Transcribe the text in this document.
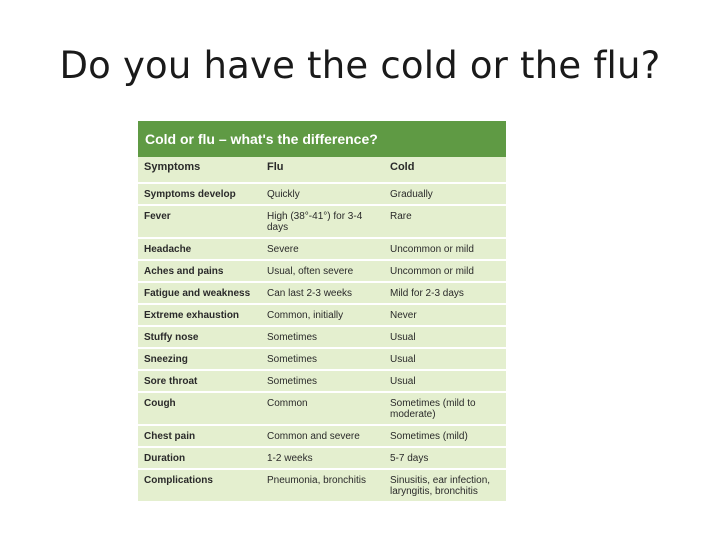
Do you have the cold or the flu?
Cold or flu – what's the difference?
Symptoms	Flu	Cold
Symptoms develop	Quickly	Gradually
Fever	High (38°-41°) for 3-4 days	Rare
Headache	Severe	Uncommon or mild
Aches and pains	Usual, often severe	Uncommon or mild
Fatigue and weakness	Can last 2-3 weeks	Mild for 2-3 days
Extreme exhaustion	Common, initially	Never
Stuffy nose	Sometimes	Usual
Sneezing	Sometimes	Usual
Sore throat	Sometimes	Usual
Cough	Common	Sometimes (mild to moderate)
Chest pain	Common and severe	Sometimes (mild)
Duration	1-2 weeks	5-7 days
Complications	Pneumonia, bronchitis	Sinusitis, ear infection, laryngitis, bronchitis
